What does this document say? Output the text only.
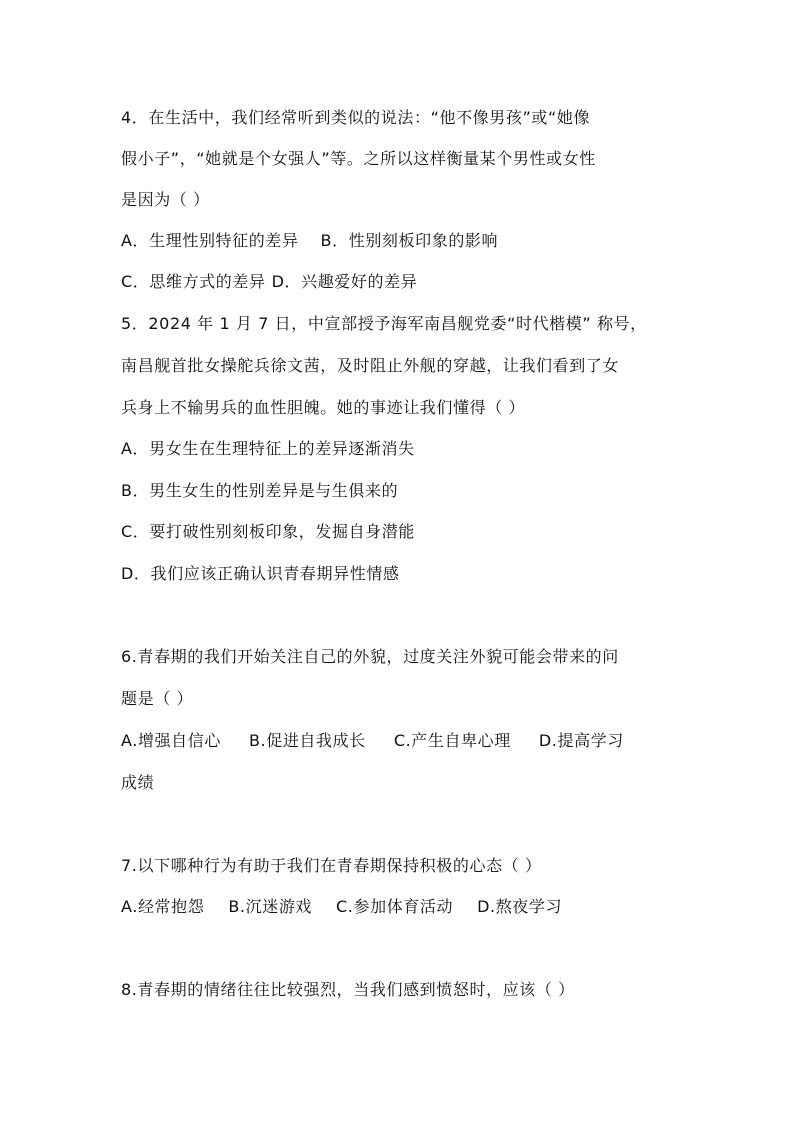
4．在生活中，我们经常听到类似的说法：“他不像男孩”或“她像
假小子”，“她就是个女强人”等。之所以这样衡量某个男性或女性
是因为（ ）
A．生理性别特征的差异 B．性别刻板印象的影响
C．思维方式的差异 D．兴趣爱好的差异
5．2024 年 1 月 7 日，中宣部授予海军南昌舰党委“时代楷模” 称号，
南昌舰首批女操舵兵徐文茜，及时阻止外舰的穿越，让我们看到了女
兵身上不输男兵的血性胆魄。她的事迹让我们懂得（ ）
A．男女生在生理特征上的差异逐渐消失
B．男生女生的性别差异是与生俱来的
C．要打破性别刻板印象，发掘自身潜能
D．我们应该正确认识青春期异性情感
6.青春期的我们开始关注自己的外貌，过度关注外貌可能会带来的问
题是（ ）
A.增强自信心 B.促进自我成长 C.产生自卑心理 D.提高学习
成绩
7.以下哪种行为有助于我们在青春期保持积极的心态（ ）
A.经常抱怨 B.沉迷游戏 C.参加体育活动 D.熬夜学习
8.青春期的情绪往往比较强烈，当我们感到愤怒时，应该（ ）
